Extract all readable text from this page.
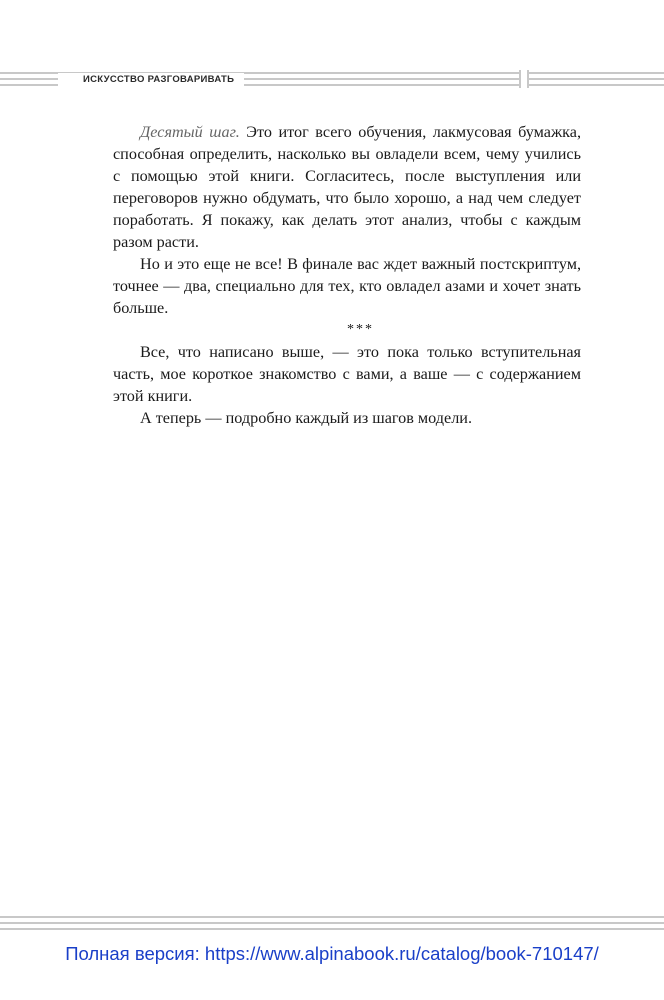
ИСКУССТВО РАЗГОВАРИВАТЬ

Десятый шаг. Это итог всего обучения, лакмусовая бумажка, способная определить, насколько вы овладели всем, чему учились с помощью этой книги. Согласитесь, после выступления или переговоров нужно обдумать, что было хорошо, а над чем следует поработать. Я покажу, как делать этот анализ, чтобы с каждым разом расти.

Но и это еще не все! В финале вас ждет важный постскриптум, точнее — два, специально для тех, кто овладел азами и хочет знать больше.

***

Все, что написано выше, — это пока только вступительная часть, мое короткое знакомство с вами, а ваше — с содержанием этой книги.

А теперь — подробно каждый из шагов модели.

Полная версия: https://www.alpinabook.ru/catalog/book-710147/
